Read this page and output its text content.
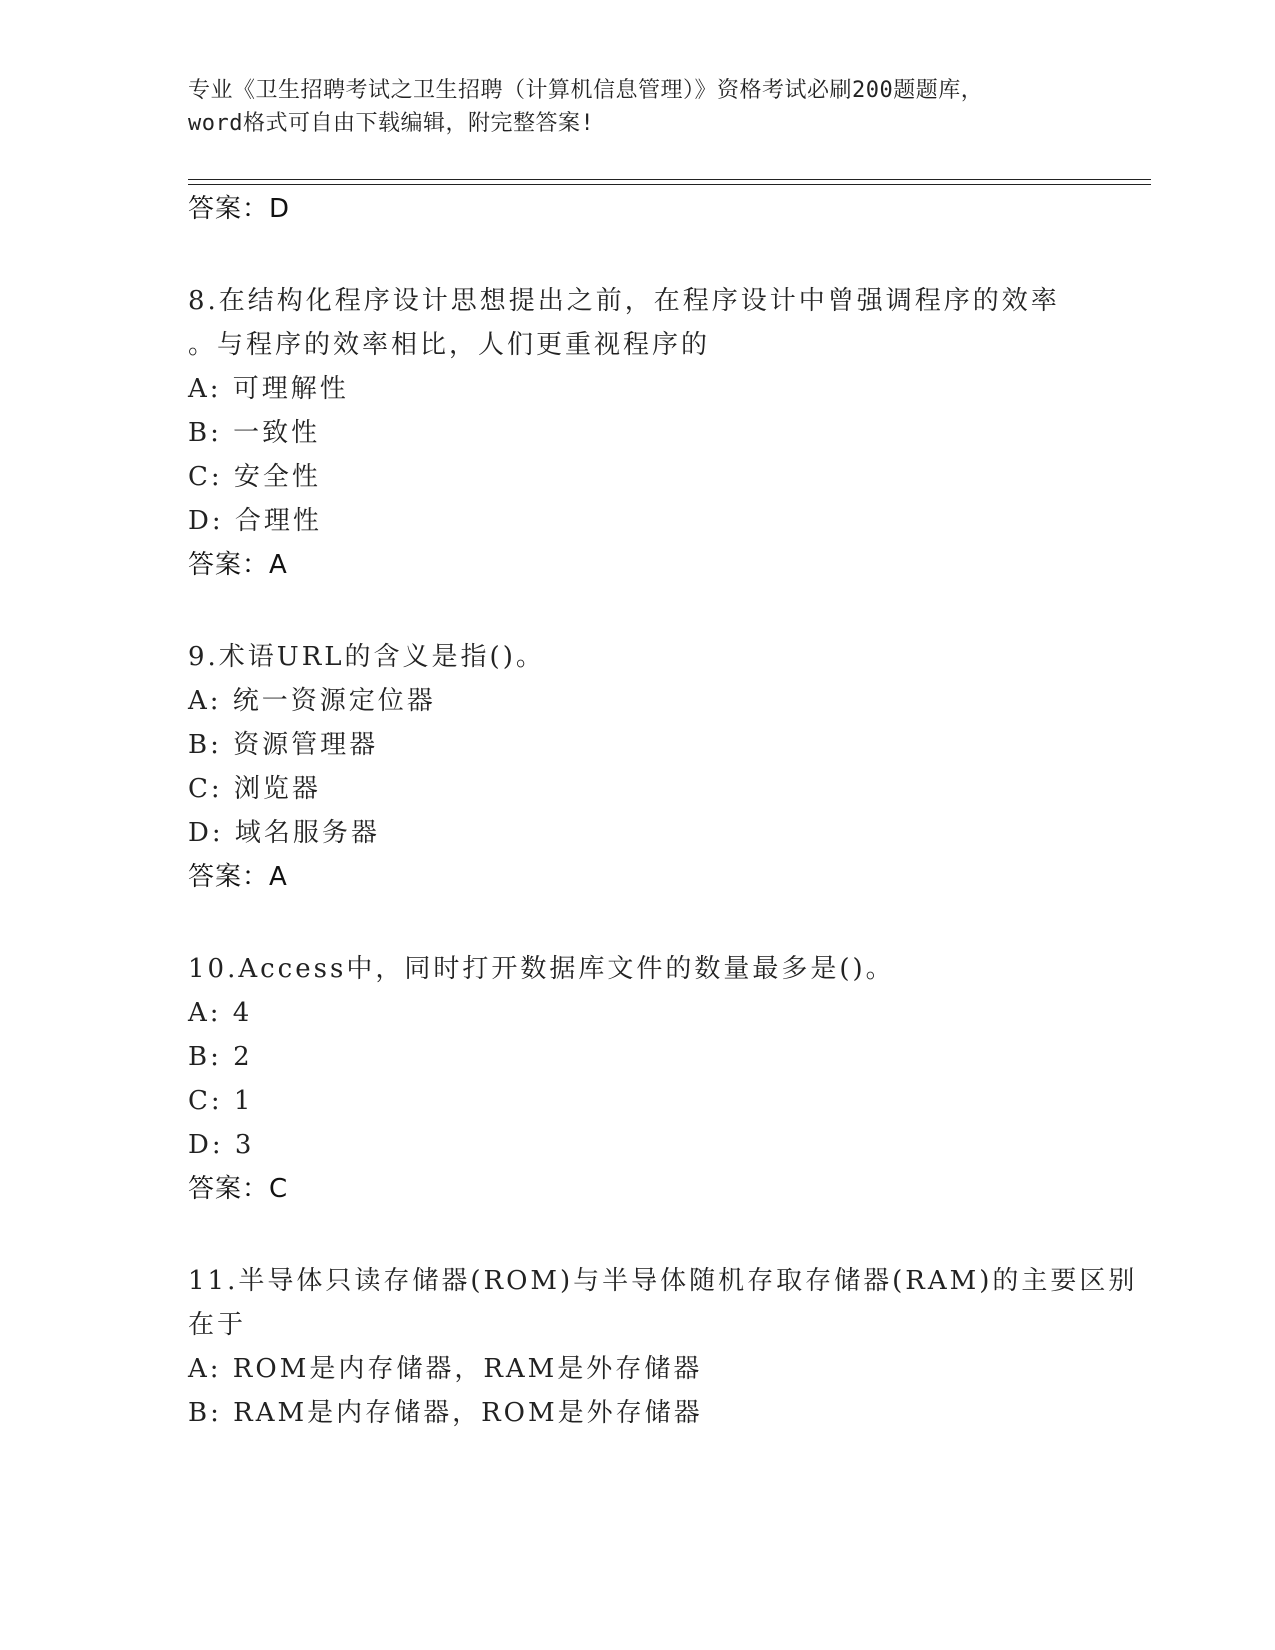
专业《卫生招聘考试之卫生招聘（计算机信息管理）》资格考试必刷200题题库，
word格式可自由下载编辑，附完整答案!
答案：D
8.在结构化程序设计思想提出之前，在程序设计中曾强调程序的效率
。与程序的效率相比，人们更重视程序的
A: 可理解性
B: 一致性
C: 安全性
D: 合理性
答案：A
9.术语URL的含义是指()。
A: 统一资源定位器
B: 资源管理器
C: 浏览器
D: 域名服务器
答案：A
10.Access中，同时打开数据库文件的数量最多是()。
A: 4
B: 2
C: 1
D: 3
答案：C
11.半导体只读存储器(ROM)与半导体随机存取存储器(RAM)的主要区别
在于
A: ROM是内存储器，RAM是外存储器
B: RAM是内存储器，ROM是外存储器
